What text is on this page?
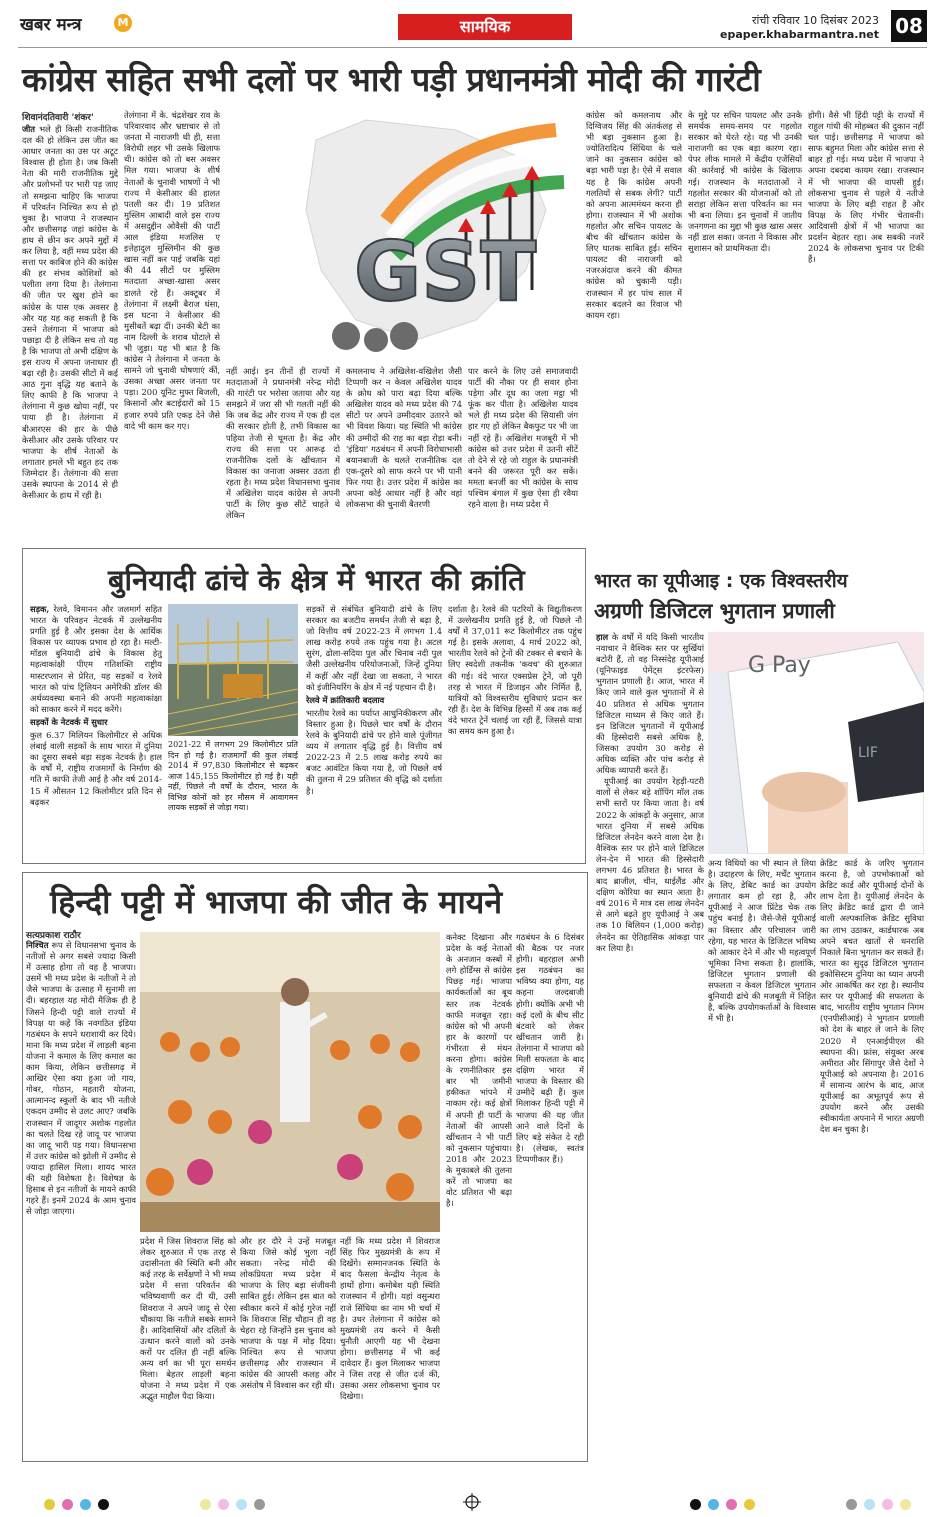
खबर मन्त्र	M	सामयिक	रांची रविवार 10 दिसंबर 2023
epaper.khabarmantra.net 08
कांग्रेस सहित सभी दलों पर भारी पड़ी प्रधानमंत्री मोदी की गारंटी
शिवानंदतिवारी 'शंकर'
जीत भले ही किसी राजनीतिक दल की हो लेकिन उस जीत का आधार जनता का उस पर अटूट विश्वास ही होता है। जब किसी नेता की मारी राजनीतिक मुद्दे और प्रलोभनों पर भारी पड़ जाए तो समझना चाहिए कि भाजपा में परिवर्तन निश्चित रूप से हो चुका है। भाजपा ने राजस्थान और छत्तीसगढ़ जहां कांग्रेस के हाथ से छीन कर अपने मुद्दों में कर लिया है, वहीं मध्य प्रदेश की सत्ता पर काबिज होने की कांग्रेस की हर संभव कोशिशों को पलीता लगा दिया है। तेलंगाना की जीत पर खुश होने का कांग्रेस के पास एक अवसर है और यह यह कह सकती है कि उसने तेलंगाना में भाजपा को पछाड़ा दी है लेकिन सच तो यह है कि भाजपा तो अभी दक्षिण के इस राज्य में अपना जनाधार ही बढ़ा रही है। उसकी सीटों में कई आठ गुना वृद्धि यह बताने के लिए काफी है कि भाजपा ने तेलंगाना में कुछ खोया नहीं, पर पाया ही है। तेलंगाना में बीआरएस की हार के पीछे केसीआर और उसके परिवार पर भाजपा के शीर्ष नेताओं के लगातार हमले भी बहुत हद तक जिम्मेदार हैं। तेलंगाना की सत्ता उसके स्थापना के 2014 से ही केसीआर के हाथ में रही है।
तेलंगाना में के. चंद्रशेखर राव के परिवारवाद और भ्रष्टाचार से तो जनता में नाराजगी थी ही, सत्ता विरोधी लहर भी उसके खिलाफ थी। कांग्रेस को तो बस अवसर मिल गया। भाजपा के शीर्ष नेताओं के चुनावी भाषणों ने भी राज्य में केसीआर की हालत पतली कर दी। 19 प्रतिशत मुस्लिम आबादी वाले इस राज्य में असदुद्दीन ओवैसी की पार्टी आल इंडिया मजलिस ए इत्तेहादुल मुस्लिमीन की कुछ खास नहीं कर पाई जबकि यहां की 44 सीटों पर मुस्लिम मतदाता अच्छा-खासा असर डालते रहे हैं। अक्टूबर में तेलंगाना में लक्ष्मी बैराज धंसा, इस घटना ने केसीआर की मुसीबतें बढ़ा दीं। उनकी बेटी का नाम दिल्ली के शराब घोटाले से भी जुड़ा। यह भी बात है कि कांग्रेस ने तेलंगाना में जनता के सामने जो चुनावी घोषणाएं कीं, उसका अच्छा असर जनता पर पड़ा। 200 यूनिट मुफ्त बिजली, किसानों और बटाईदारों को 15 हजार रुपये प्रति एकड़ देने जैसे वादे भी काम कर गए।
GST
नहीं आई। इन तीनों ही राज्यों में मतदाताओं ने प्रधानमंत्री नरेन्द्र मोदी की गारंटी पर भरोसा जताया और यह समझने में जरा सी भी गलती नहीं की कि जब केंद्र और राज्य में एक ही दल की सरकार होती है, तभी विकास का पहिया तेजी से घूमता है। केंद्र और राज्य की सत्ता पर आरूढ़ दो राजनीतिक दलों के खींचतान में विकास का जनाजा अक्सर उठता ही रहता है। मध्य प्रदेश विधानसभा चुनाव में अखिलेश यादव कांग्रेस से अपनी पार्टी के लिए कुछ सीटें चाहते थे लेकिन
कमलनाथ ने अखिलेश-वखिलेश जैसी टिप्पणी कर न केवल अखिलेश यादव के क्रोध को पारा बढ़ा दिया बल्कि अखिलेश यादव को मध्य प्रदेश की 74 सीटों पर अपने उम्मीदवार उतारने को भी विवश किया। यह स्थिति भी कांग्रेस की उम्मीदों की राह का बड़ा रोड़ा बनी। 'इंडिया' गठबंधन में अपनी विरोधाभासी बयानबाजी के चलते राजनीतिक दल एक-दूसरे को साफ करने पर भी पानी फिर गया है। उत्तर प्रदेश में कांग्रेस का अपना कोई आधार नहीं है और वहां लोकसभा की चुनावी बैतरणी
पार करने के लिए उसे समाजवादी पार्टी की नौका पर ही सवार होना पड़ेगा और दूध का जला मट्ठा भी फूंक कर पीता है। अखिलेश यादव भले ही मध्य प्रदेश की सियासी जंग हार गए हों लेकिन बैकफुट पर भी जा नहीं रहे हैं। अखिलेश मजबूरी में भी कांग्रेस को उत्तर प्रदेश में उतनी सीटें तो देने से रहे जो राहुल के प्रधानमंत्री बनने की जरूरत पूरी कर सकें। ममता बनर्जी का भी कांग्रेस के साथ पश्चिम बंगाल में कुछ ऐसा ही रवैया रहने वाला है। मध्य प्रदेश में
कांग्रेस को कमलनाथ और दिग्विजय सिंह की अंतर्कलह से भी बड़ा नुकसान हुआ है। ज्योतिरादित्य सिंधिया के चले जाने का नुकसान कांग्रेस को बड़ा भारी पड़ा है। ऐसे में सवाल यह है कि कांग्रेस अपनी गलतियों से सबक लेगी? पार्टी को अपना आत्ममंथन करना ही होगा। राजस्थान में भी अशोक गहलोत और सचिन पायलट के बीच की खींचतान कांग्रेस के लिए घातक साबित हुई। सचिन पायलट की नाराजगी को नजरअंदाज करने की कीमत कांग्रेस को चुकानी पड़ी। राजस्थान में हर पांच साल में सरकार बदलने का रिवाज भी कायम रहा।
के मुद्दे पर सचिन पायलट और उनके समर्थक समय-समय पर गहलोत सरकार को घेरते रहे। यह भी उनकी नाराजगी का एक बड़ा कारण रहा। पेपर लीक मामले में केंद्रीय एजेंसियों की कार्रवाई भी कांग्रेस के खिलाफ गई। राजस्थान के मतदाताओं ने गहलोत सरकार की योजनाओं को तो सराहा लेकिन सत्ता परिवर्तन का मन भी बना लिया। इन चुनावों में जातीय जनगणना का मुद्दा भी कुछ खास असर नहीं डाल सका। जनता ने विकास और सुशासन को प्राथमिकता दी।
होगी। वैसे भी हिंदी पट्टी के राज्यों में राहुल गांधी की मोहब्बत की दुकान नहीं चल पाई। छत्तीसगढ़ में भाजपा को साफ बहुमत मिला और कांग्रेस सत्ता से बाहर हो गई। मध्य प्रदेश में भाजपा ने अपना दबदबा कायम रखा। राजस्थान में भी भाजपा की वापसी हुई। लोकसभा चुनाव से पहले ये नतीजे भाजपा के लिए बड़ी राहत हैं और विपक्ष के लिए गंभीर चेतावनी। आदिवासी क्षेत्रों में भी भाजपा का प्रदर्शन बेहतर रहा। अब सबकी नजरें 2024 के लोकसभा चुनाव पर टिकी हैं।
बुनियादी ढांचे के क्षेत्र में भारत की क्रांति
सड़क, रेलवे, विमानन और जलमार्ग सहित भारत के परिवहन नेटवर्क में उल्लेखनीय प्रगति हुई है और इसका देश के आर्थिक विकास पर व्यापक प्रभाव हो रहा है। मल्टी-मॉडल बुनियादी ढांचे के विकास हेतु महत्वाकांक्षी पीएम गतिशक्ति राष्ट्रीय मास्टरप्लान से प्रेरित, यह सड़कों व रेलवे भारत को पांच ट्रिलियन अमेरिकी डॉलर की अर्थव्यवस्था बनाने की अपनी महत्वाकांक्षा को साकार करने में मदद करेंगे।
सड़कों के नेटवर्क में सुधार
कुल 6.37 मिलियन किलोमीटर से अधिक लंबाई वाली सड़कों के साथ भारत में दुनिया का दूसरा सबसे बड़ा सड़क नेटवर्क है। हाल के वर्षों में, राष्ट्रीय राजमार्गों के निर्माण की गति में काफी तेजी आई है और वर्ष 2014-15 में औसतन 12 किलोमीटर प्रति दिन से बढ़कर
2021-22 में लगभग 29 किलोमीटर प्रति दिन हो गई है। राजमार्गों की कुल लंबाई 2014 में 97,830 किलोमीटर से बढ़कर आज 145,155 किलोमीटर हो गई है। यही नहीं, पिछले नौ वर्षों के दौरान, भारत के विभिन्न कोनों को हर मौसम में आवागमन लायक सड़कों से जोड़ा गया।
सड़कों से संबंधित बुनियादी ढांचे के लिए सरकार का बजटीय समर्थन तेजी से बढ़ा है, जो वित्तीय वर्ष 2022-23 में लगभग 1.4 लाख करोड़ रुपये तक पहुंच गया है। अटल सुरंग, ढोला-सदिया पुल और चिनाब नदी पुल जैसी उल्लेखनीय परियोजनाओं, जिन्हें दुनिया में कहीं और नहीं देखा जा सकता, ने भारत को इंजीनियरिंग के क्षेत्र में नई पहचान दी है।
रेलवे में क्रांतिकारी बदलाव
भारतीय रेलवे का पर्याप्त आधुनिकीकरण और विस्तार हुआ है। पिछले चार वर्षों के दौरान रेलवे के बुनियादी ढांचे पर होने वाले पूंजीगत व्यय में लगातार वृद्धि हुई है। वित्तीय वर्ष 2022-23 में 2.5 लाख करोड़ रुपये का बजट आवंटित किया गया है, जो पिछले वर्ष की तुलना में 29 प्रतिशत की वृद्धि को दर्शाता है।
दर्शाता है। रेलवे की पटरियों के विद्युतीकरण में उल्लेखनीय प्रगति हुई है, जो पिछले नौ वर्षों में 37,011 रूट किलोमीटर तक पहुंच गई है। इसके अलावा, 4 मार्च 2022 को, भारतीय रेलवे को ट्रेनों की टक्कर से बचाने के लिए स्वदेशी तकनीक 'कवच' की शुरुआत की गई। वंदे भारत एक्सप्रेस ट्रेनें, जो पूरी तरह से भारत में डिजाइन और निर्मित हैं, यात्रियों को विश्वस्तरीय सुविधाएं प्रदान कर रही हैं। देश के विभिन्न हिस्सों में अब तक कई वंदे भारत ट्रेनें चलाई जा रही हैं, जिससे यात्रा का समय कम हुआ है।
भारत का यूपीआइ : एक विश्वस्तरीय
अग्रणी डिजिटल भुगतान प्रणाली
हाल के वर्षों में यदि किसी भारतीय नवाचार ने वैश्विक स्तर पर सुर्खियां बटोरी हैं, तो वह निस्संदेह यूपीआई (यूनिफाइड पेमेंट्स इंटरफेस) भुगतान प्रणाली है। आज, भारत में किए जाने वाले कुल भुगतानों में से 40 प्रतिशत से अधिक भुगतान डिजिटल माध्यम से किए जाते हैं। इन डिजिटल भुगतानों में यूपीआई की हिस्सेदारी सबसे अधिक है, जिसका उपयोग 30 करोड़ से अधिक व्यक्ति और पांच करोड़ से अधिक व्यापारी करते हैं।

यूपीआई का उपयोग रेहड़ी-पटरी वालों से लेकर बड़े शॉपिंग मॉल तक सभी स्तरों पर किया जाता है। वर्ष 2022 के आंकड़ों के अनुसार, आज भारत दुनिया में सबसे अधिक डिजिटल लेनदेन करने वाला देश है। वैश्विक स्तर पर होने वाले डिजिटल लेन-देन में भारत की हिस्सेदारी लगभग 46 प्रतिशत है। भारत के बाद ब्राजील, चीन, थाईलैंड और दक्षिण कोरिया का स्थान आता है। वर्ष 2016 में मात्र दस लाख लेनदेन से आगे बढ़ते हुए यूपीआई ने अब तक 10 बिलियन (1,000 करोड़) लेनदेन का ऐतिहासिक आंकड़ा पार कर लिया है।

LIF
G Pay
अन्य विधियों का भी स्थान ले लिया है। उदाहरण के लिए, मर्चेंट भुगतान के लिए, डेबिट कार्ड का उपयोग लगातार कम हो रहा है, और यूपीआई ने आज प्रिंटेड चेक तक पहुंच बनाई है। जैसे-जैसे यूपीआई का विस्तार और परिचालन जारी रहेगा, यह भारत के डिजिटल भविष्य को आकार देने में और भी महत्वपूर्ण भूमिका निभा सकता है। हालांकि, डिजिटल भुगतान प्रणाली की सफलता न केवल डिजिटल भुगतान बुनियादी ढांचे की मजबूती में निहित है, बल्कि उपयोगकर्ताओं के विश्वास में भी है।
क्रेडिट कार्ड के जरिए भुगतान करना है, जो उपभोक्ताओं को क्रेडिट कार्ड और यूपीआई दोनों के लाभ देता है। यूपीआई लेनदेन के लिए क्रेडिट कार्ड द्वारा दी जाने वाली अल्पकालिक क्रेडिट सुविधा का लाभ उठाकर, कार्डधारक अब अपने बचत खातों से धनराशि निकाले बिना भुगतान कर सकते हैं। भारत का सुदृढ़ डिजिटल भुगतान इकोसिस्टम दुनिया का ध्यान अपनी ओर आकर्षित कर रहा है। स्थानीय स्तर पर यूपीआई की सफलता के बाद, भारतीय राष्ट्रीय भुगतान निगम (एनपीसीआई) ने भुगतान प्रणाली को देश के बाहर ले जाने के लिए 2020 में एनआईपीएल की स्थापना की। फ्रांस, संयुक्त अरब अमीरात और सिंगापुर जैसे देशों ने यूपीआई को अपनाया है। 2016 में सामान्य आरंभ के बाद, आज यूपीआई का अभूतपूर्व रूप से उपयोग करने और उसकी स्वीकार्यता अपनाने में भारत अग्रणी देश बन चुका है।
हिन्दी पट्टी में भाजपा की जीत के मायने
सत्यप्रकाश राठौर
निश्चित रूप से विधानसभा चुनाव के नतीजों से अगर सबसे ज्यादा किसी में उत्साह होगा तो वह है भाजपा। उसमें भी मध्य प्रदेश के नतीजों ने तो जैसे भाजपा के उत्साह में सुनामी ला दी। बहरहाल यह मोदी मैजिक ही है जिसने हिन्दी पट्टी वाले राज्यों में विपक्ष या कहें कि नवगठित इंडिया गठबंधन के सपने धराशायी कर दिये। माना कि मध्य प्रदेश में लाड़ली बहना योजना ने कमाल के लिए कमाल का काम किया, लेकिन छत्तीसगढ़ में आखिर ऐसा क्या हुआ जो गाय, गोबर, गोठान, महतारी योजना, आत्मानन्द स्कूलों के बाद भी नतीजे एकदम उम्मीद से उलट आए? जबकि राजस्थान में जादूगर अशोक गहलोत का चलते दिख रहे जादू पर भाजपा का जादू भारी पड़ गया। विधानसभा में उत्तर कांग्रेस को झोली में उम्मीद से ज्यादा हासिल मिला। शायद भारत की यही विशेषता है। विशेषज्ञ के हिसाब से इन नतीजों के मायने काफी गहरे हैं। इनमें 2024 के आम चुनाव से जोड़ा जाएगा।
प्रदेश में जिस शिवराज सिंह को लेकर शुरुआत में एक तरह से उदासीनता की स्थिति बनी और कई तरह के सर्वेक्षणों ने भी मध्य प्रदेश में सत्ता परिवर्तन की भविष्यवाणी कर दी थी, उसी शिवराज ने अपने जादू से ऐसा चौंकाया कि नतीजे सबके सामने हैं। आदिवासियों और दलितों के उत्थान करने वालों को उनके करों पर दलित ही नहीं बल्कि अन्य वर्ग का भी पूरा समर्थन मिला। बेहतर लाड़ली बहना योजना ने मध्य प्रदेश में एक अद्भुत माहौल पैदा किया।
और हर दौरे ने उन्हें मजबूत किया जिसे कोई भुला नहीं सकता। नरेन्द्र मोदी की लोकप्रियता मध्य प्रदेश में भाजपा के लिए बड़ा संजीवनी साबित हुई। लेकिन इस बात को स्वीकार करने में कोई गुरेज नहीं कि शिवराज सिंह चौहान ही वह चेहरा रहे जिन्होंने इस चुनाव को भाजपा के पक्ष में मोड़ दिया। निश्चित रूप से भाजपा छत्तीसगढ़ और राजस्थान में कांग्रेस की आपसी कलह और असंतोष में विश्वास कर रही थी।
नहीं कि मध्य प्रदेश में शिवराज सिंह फिर मुख्यमंत्री के रूप में दिखेंगे। सम्मानजनक स्थिति के बाद फैसला केन्द्रीय नेतृत्व के हाथों होगा। कमोबेश यही स्थिति राजस्थान में होगी। यहां वसुन्धरा राजे सिंधिया का नाम भी चर्चा में है। उधर तेलंगाना में कांग्रेस को मुख्यमंत्री तय करने में कैसी चुनौती आएगी यह भी देखना होगा। छत्तीसगढ़ में भी कई दावेदार हैं। कुल मिलाकर भाजपा ने जिस तरह से जीत दर्ज की, उसका असर लोकसभा चुनाव पर दिखेगा।
कनेक्ट दिखाना और प्रदेश के कई नेताओं के अनजान कस्बों में लगे होर्डिंग्स से कांग्रेस पिछड़ गई। भाजपा कार्यकर्ताओं का बूथ स्तर तक नेटवर्क काफी मजबूत रहा। कांग्रेस को भी अपनी हार के कारणों पर गंभीरता से मंथन करना होगा। कांग्रेस के रणनीतिकार इस बार भी जमीनी हकीकत भांपने में नाकाम रहे। कई क्षेत्रों में अपनी ही पार्टी के नेताओं की आपसी खींचतान ने भी पार्टी को नुकसान पहुंचाया। 2018 और 2023 के मुकाबले की तुलना करें तो भाजपा का वोट प्रतिशत भी बढ़ा है।
गठबंधन के 6 दिसंबर की बैठक पर नजर होगी। बहरहाल अभी इस गठबंधन का भविष्य क्या होगा, यह कहना जल्दबाजी होगी। क्योंकि अभी भी कई दलों के बीच सीट बंटवारे को लेकर खींचतान जारी है। तेलंगाना में भाजपा को मिली सफलता के बाद दक्षिण भारत में भाजपा के विस्तार की उम्मीदें बढ़ी हैं। कुल मिलाकर हिन्दी पट्टी में भाजपा की यह जीत आने वाले दिनों के लिए बड़े संकेत दे रही है। (लेखक, स्वतंत्र टिप्पणीकार हैं।)
